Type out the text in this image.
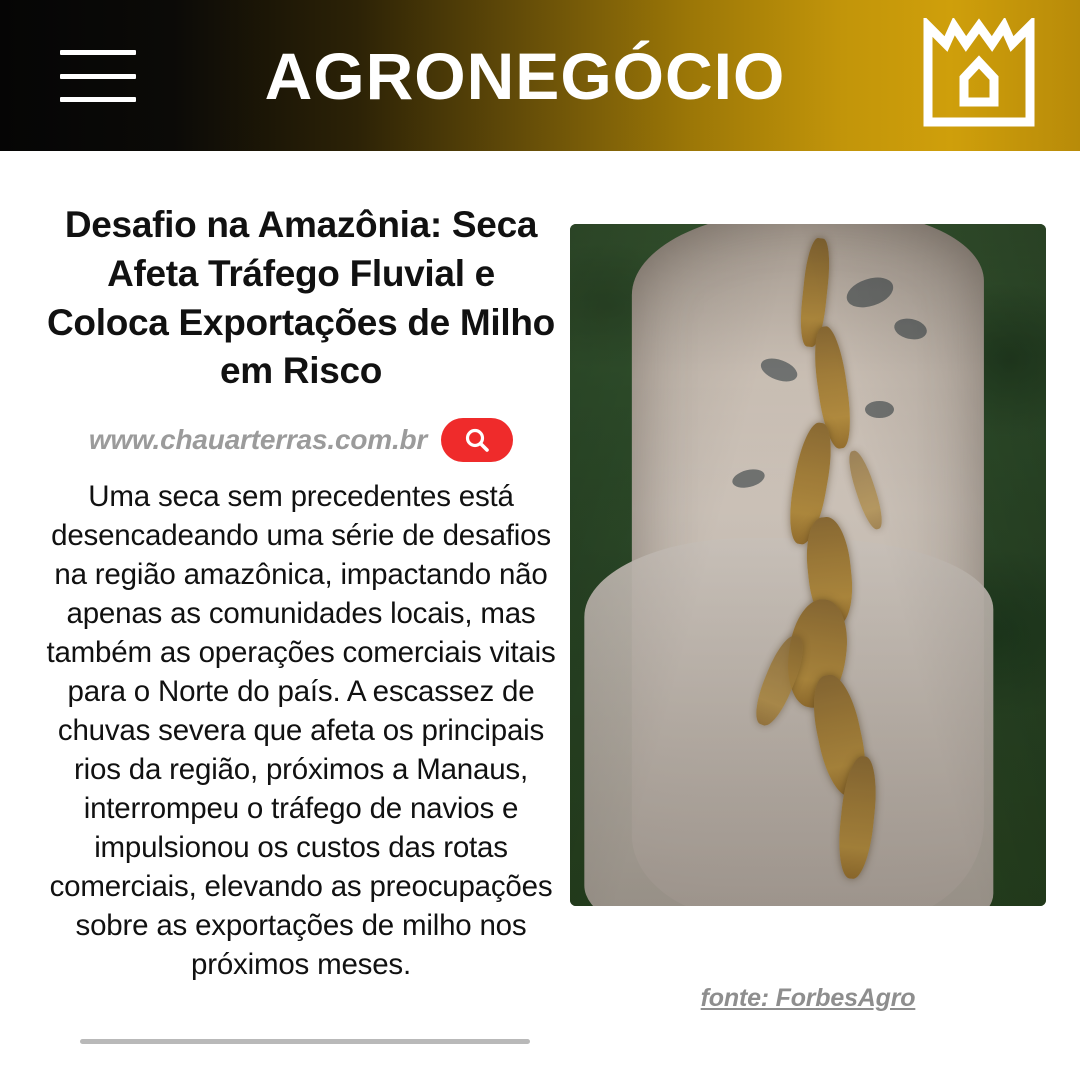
AGRONEGÓCIO
Desafio na Amazônia: Seca Afeta Tráfego Fluvial e Coloca Exportações de Milho em Risco
www.chauarterras.com.br

Uma seca sem precedentes está desencadeando uma série de desafios na região amazônica, impactando não apenas as comunidades locais, mas também as operações comerciais vitais para o Norte do país. A escassez de chuvas severa que afeta os principais rios da região, próximos a Manaus, interrompeu o tráfego de navios e impulsionou os custos das rotas comerciais, elevando as preocupações sobre as exportações de milho nos próximos meses.

fonte: ForbesAgro
